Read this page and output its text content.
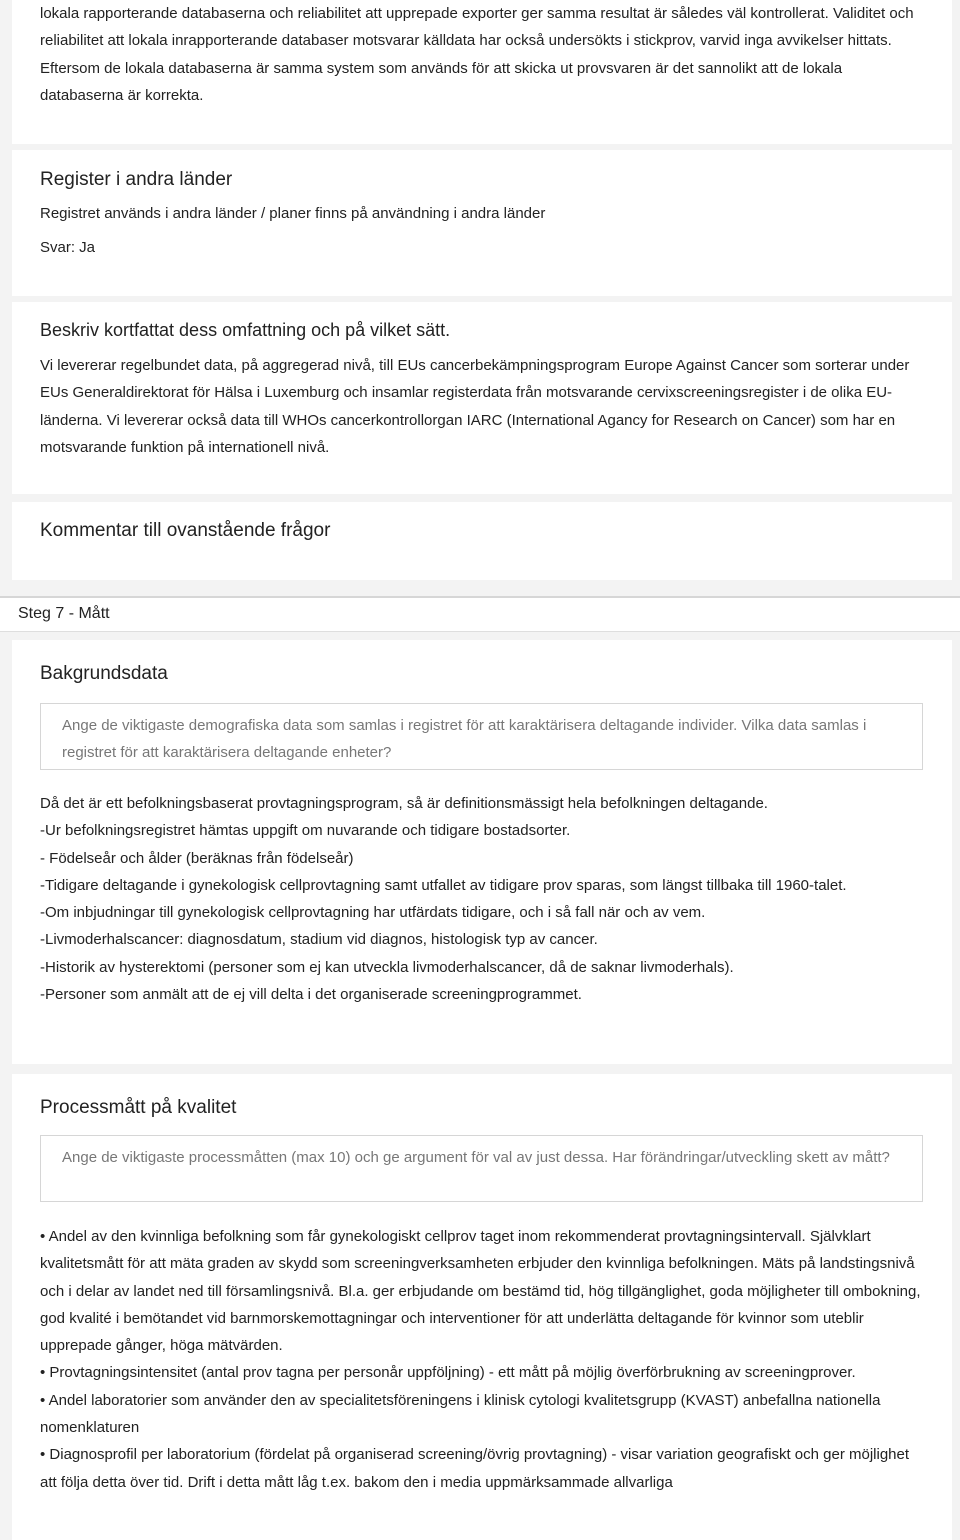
lokala rapporterande databaserna och reliabilitet att upprepade exporter ger samma resultat är således väl kontrollerat. Validitet och reliabilitet att lokala inrapporterande databaser motsvarar källdata har också undersökts i stickprov, varvid inga avvikelser hittats. Eftersom de lokala databaserna är samma system som används för att skicka ut provsvaren är det sannolikt att de lokala databaserna är korrekta.
Register i andra länder
Registret används i andra länder / planer finns på användning i andra länder
Svar: Ja
Beskriv kortfattat dess omfattning och på vilket sätt.
Vi levererar regelbundet data, på aggregerad nivå, till EUs cancerbekämpningsprogram Europe Against Cancer som sorterar under EUs Generaldirektorat för Hälsa i Luxemburg och insamlar registerdata från motsvarande cervixscreeningsregister i de olika EU-länderna. Vi levererar också data till WHOs cancerkontrollorgan IARC (International Agancy for Research on Cancer) som har en motsvarande funktion på internationell nivå.
Kommentar till ovanstående frågor
Steg 7 - Mått
Bakgrundsdata
Ange de viktigaste demografiska data som samlas i registret för att karaktärisera deltagande individer. Vilka data samlas i registret för att karaktärisera deltagande enheter?
Då det är ett befolkningsbaserat provtagningsprogram, så är definitionsmässigt hela befolkningen deltagande.
-Ur befolkningsregistret hämtas uppgift om nuvarande och tidigare bostadsorter.
- Födelseår och ålder (beräknas från födelseår)
-Tidigare deltagande i gynekologisk cellprovtagning samt utfallet av tidigare prov sparas, som längst tillbaka till 1960-talet.
-Om inbjudningar till gynekologisk cellprovtagning har utfärdats tidigare, och i så fall när och av vem.
-Livmoderhalscancer: diagnosdatum, stadium vid diagnos, histologisk typ av cancer.
-Historik av hysterektomi (personer som ej kan utveckla livmoderhalscancer, då de saknar livmoderhals).
-Personer som anmält att de ej vill delta i det organiserade screeningprogrammet.
Processmått på kvalitet
Ange de viktigaste processmåtten (max 10) och ge argument för val av just dessa. Har förändringar/utveckling skett av mått?
• Andel av den kvinnliga befolkning som får gynekologiskt cellprov taget inom rekommenderat provtagningsintervall. Självklart kvalitetsmått för att mäta graden av skydd som screeningverksamheten erbjuder den kvinnliga befolkningen. Mäts på landstingsnivå och i delar av landet ned till församlingsnivå. Bl.a. ger erbjudande om bestämd tid, hög tillgänglighet, goda möjligheter till ombokning, god kvalité i bemötandet vid barnmorskemottagningar och interventioner för att underlätta deltagande för kvinnor som uteblir upprepade gånger, höga mätvärden.
• Provtagningsintensitet (antal prov tagna per personår uppföljning) - ett mått på möjlig överförbrukning av screeningprover.
• Andel laboratorier som använder den av specialitetsföreningens i klinisk cytologi kvalitetsgrupp (KVAST) anbefallna nationella nomenklaturen
• Diagnosprofil per laboratorium (fördelat på organiserad screening/övrig provtagning) - visar variation geografiskt och ger möjlighet att följa detta över tid. Drift i detta mått låg t.ex. bakom den i media uppmärksammade allvarliga
